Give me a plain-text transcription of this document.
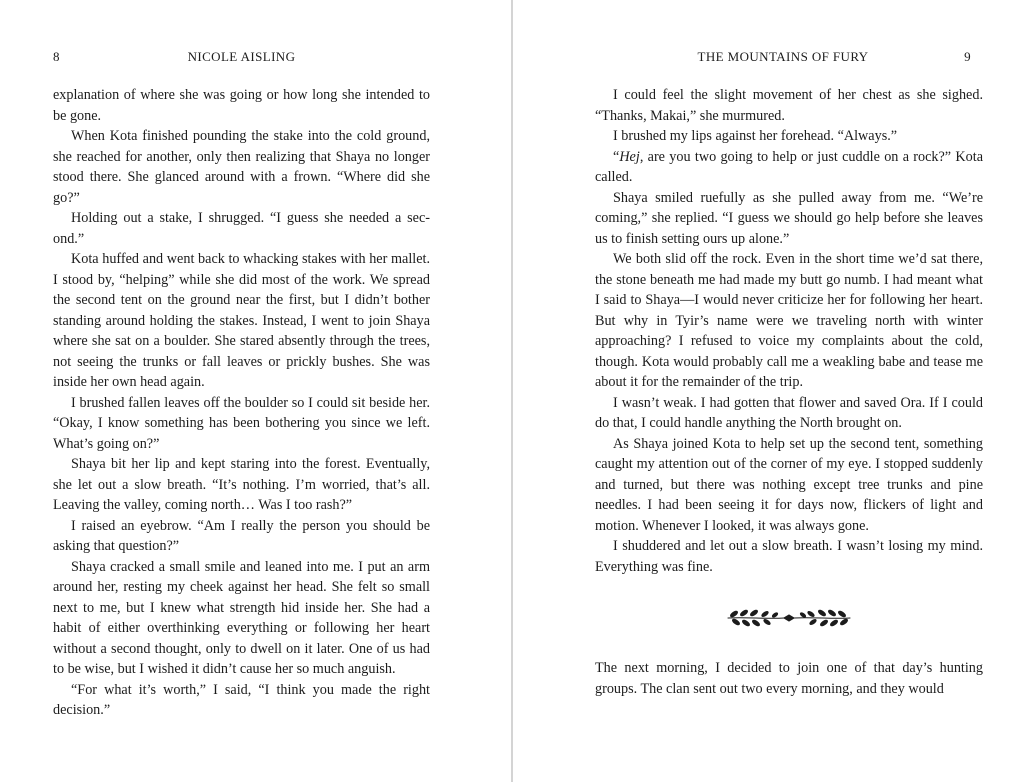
8	NICOLE AISLING

explanation of where she was going or how long she intended to be gone.

When Kota finished pounding the stake into the cold ground, she reached for another, only then realizing that Shaya no longer stood there. She glanced around with a frown. “Where did she go?”

Holding out a stake, I shrugged. “I guess she needed a second.”

Kota huffed and went back to whacking stakes with her mallet. I stood by, “helping” while she did most of the work. We spread the second tent on the ground near the first, but I didn’t bother standing around holding the stakes. Instead, I went to join Shaya where she sat on a boulder. She stared absently through the trees, not seeing the trunks or fall leaves or prickly bushes. She was inside her own head again.

I brushed fallen leaves off the boulder so I could sit beside her. “Okay, I know something has been bothering you since we left. What’s going on?”

Shaya bit her lip and kept staring into the forest. Eventually, she let out a slow breath. “It’s nothing. I’m worried, that’s all. Leaving the valley, coming north… Was I too rash?”

I raised an eyebrow. “Am I really the person you should be asking that question?”

Shaya cracked a small smile and leaned into me. I put an arm around her, resting my cheek against her head. She felt so small next to me, but I knew what strength hid inside her. She had a habit of either overthinking everything or following her heart without a second thought, only to dwell on it later. One of us had to be wise, but I wished it didn’t cause her so much anguish.

“For what it’s worth,” I said, “I think you made the right decision.”

THE MOUNTAINS OF FURY	9

I could feel the slight movement of her chest as she sighed. “Thanks, Makai,” she murmured.

I brushed my lips against her forehead. “Always.”

“Hej, are you two going to help or just cuddle on a rock?” Kota called.

Shaya smiled ruefully as she pulled away from me. “We’re coming,” she replied. “I guess we should go help before she leaves us to finish setting ours up alone.”

We both slid off the rock. Even in the short time we’d sat there, the stone beneath me had made my butt go numb. I had meant what I said to Shaya—I would never criticize her for following her heart. But why in Tyir’s name were we traveling north with winter approaching? I refused to voice my complaints about the cold, though. Kota would probably call me a weakling babe and tease me about it for the remainder of the trip.

I wasn’t weak. I had gotten that flower and saved Ora. If I could do that, I could handle anything the North brought on.

As Shaya joined Kota to help set up the second tent, something caught my attention out of the corner of my eye. I stopped suddenly and turned, but there was nothing except tree trunks and pine needles. I had been seeing it for days now, flickers of light and motion. Whenever I looked, it was always gone.

I shuddered and let out a slow breath. I wasn’t losing my mind. Everything was fine.

The next morning, I decided to join one of that day’s hunting groups. The clan sent out two every morning, and they would
